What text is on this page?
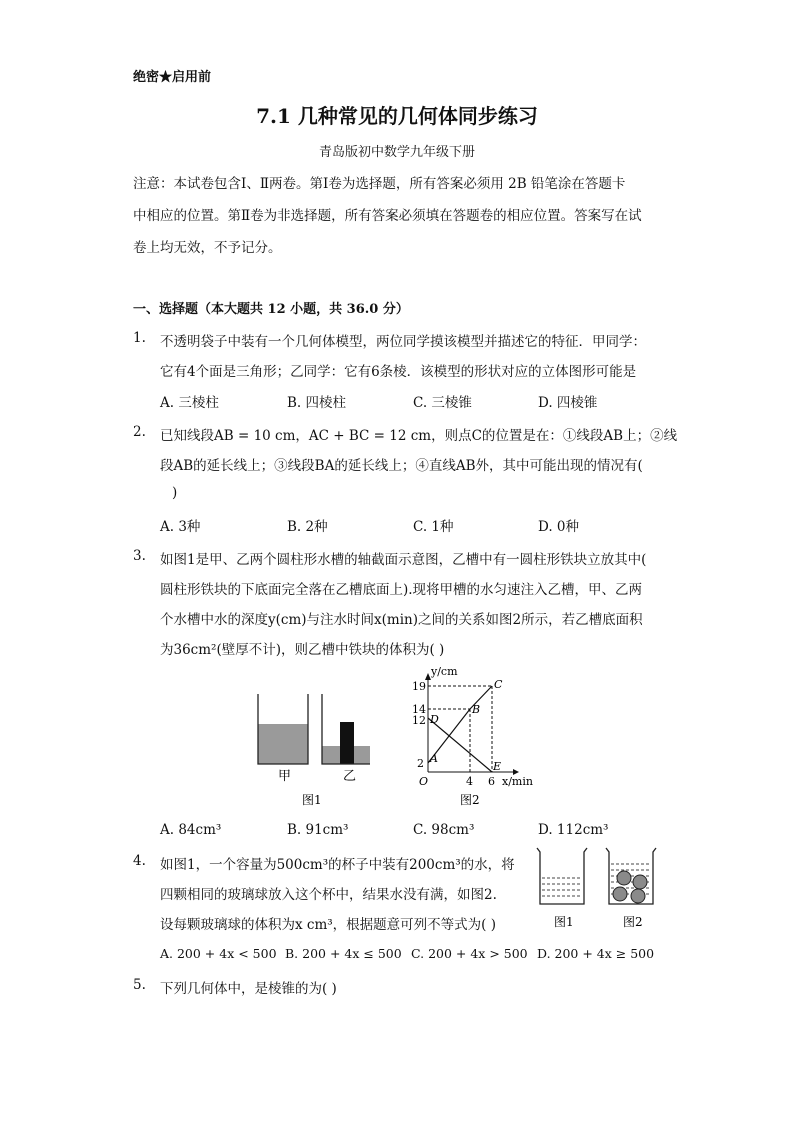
绝密★启用前
7.1 几种常见的几何体同步练习
青岛版初中数学九年级下册
注意：本试卷包含Ⅰ、Ⅱ两卷。第Ⅰ卷为选择题，所有答案必须用 2B 铅笔涂在答题卡
中相应的位置。第Ⅱ卷为非选择题，所有答案必须填在答题卷的相应位置。答案写在试
卷上均无效，不予记分。
一、选择题（本大题共 12 小题，共 36.0 分）
1. 不透明袋子中装有一个几何体模型，两位同学摸该模型并描述它的特征．甲同学：
它有4个面是三角形；乙同学：它有6条棱．该模型的形状对应的立体图形可能是
A. 三棱柱	B. 四棱柱	C. 三棱锥	D. 四棱锥
2. 已知线段AB = 10 cm，AC + BC = 12 cm，则点C的位置是在：①线段AB上；②线
段AB的延长线上；③线段BA的延长线上；④直线AB外，其中可能出现的情况有(
)
A. 3种	B. 2种	C. 1种	D. 0种
3. 如图1是甲、乙两个圆柱形水槽的轴截面示意图，乙槽中有一圆柱形铁块立放其中(
圆柱形铁块的下底面完全落在乙槽底面上).现将甲槽的水匀速注入乙槽，甲、乙两
个水槽中水的深度y(cm)与注水时间x(min)之间的关系如图2所示，若乙槽底面积
为36cm²(壁厚不计)，则乙槽中铁块的体积为( )
甲	乙
图1
y/cm
x/min
19
14
12
2
O	4 6
C
B
D
A
E
图2
A. 84cm³	B. 91cm³	C. 98cm³	D. 112cm³
4. 如图1，一个容量为500cm³的杯子中装有200cm³的水，将
四颗相同的玻璃球放入这个杯中，结果水没有满，如图2.
设每颗玻璃球的体积为x cm³，根据题意可列不等式为( )	图1	图2
A. 200 + 4x < 500 B. 200 + 4x ≤ 500 C. 200 + 4x > 500 D. 200 + 4x ≥ 500
5. 下列几何体中，是棱锥的为( )
